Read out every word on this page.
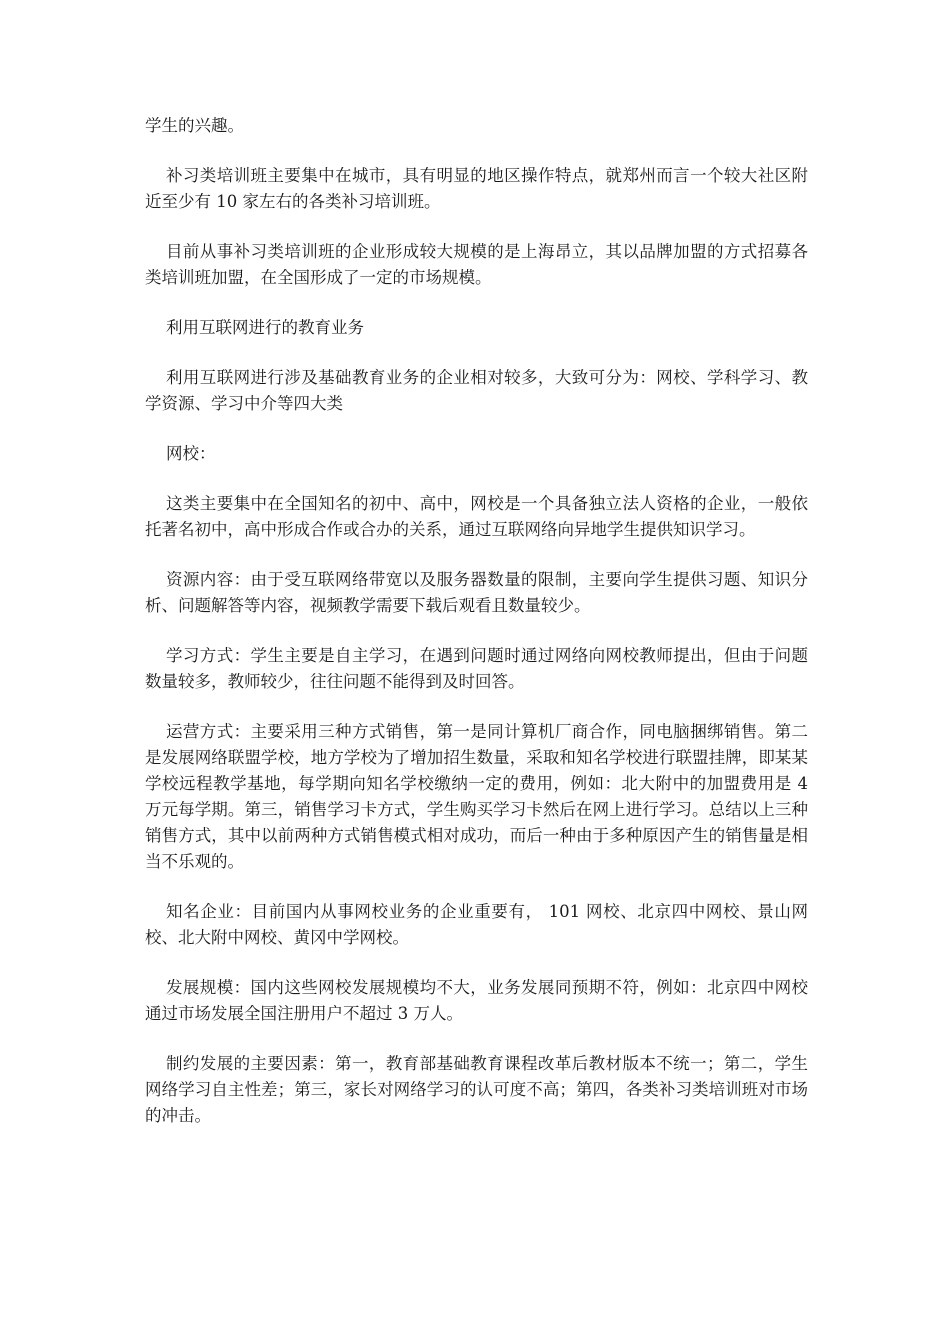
学生的兴趣。

补习类培训班主要集中在城市，具有明显的地区操作特点，就郑州而言一个较大社区附近至少有 10 家左右的各类补习培训班。

目前从事补习类培训班的企业形成较大规模的是上海昂立，其以品牌加盟的方式招募各类培训班加盟，在全国形成了一定的市场规模。

利用互联网进行的教育业务

利用互联网进行涉及基础教育业务的企业相对较多，大致可分为：网校、学科学习、教学资源、学习中介等四大类

网校：

这类主要集中在全国知名的初中、高中，网校是一个具备独立法人资格的企业，一般依托著名初中，高中形成合作或合办的关系，通过互联网络向异地学生提供知识学习。

资源内容：由于受互联网络带宽以及服务器数量的限制，主要向学生提供习题、知识分析、问题解答等内容，视频教学需要下载后观看且数量较少。

学习方式：学生主要是自主学习，在遇到问题时通过网络向网校教师提出，但由于问题数量较多，教师较少，往往问题不能得到及时回答。

运营方式：主要采用三种方式销售，第一是同计算机厂商合作，同电脑捆绑销售。第二是发展网络联盟学校，地方学校为了增加招生数量，采取和知名学校进行联盟挂牌，即某某学校远程教学基地，每学期向知名学校缴纳一定的费用，例如：北大附中的加盟费用是 4 万元每学期。第三，销售学习卡方式，学生购买学习卡然后在网上进行学习。总结以上三种销售方式，其中以前两种方式销售模式相对成功，而后一种由于多种原因产生的销售量是相当不乐观的。

知名企业：目前国内从事网校业务的企业重要有， 101 网校、北京四中网校、景山网校、北大附中网校、黄冈中学网校。

发展规模：国内这些网校发展规模均不大，业务发展同预期不符，例如：北京四中网校通过市场发展全国注册用户不超过 3 万人。

制约发展的主要因素：第一，教育部基础教育课程改革后教材版本不统一；第二，学生网络学习自主性差；第三，家长对网络学习的认可度不高；第四，各类补习类培训班对市场的冲击。
